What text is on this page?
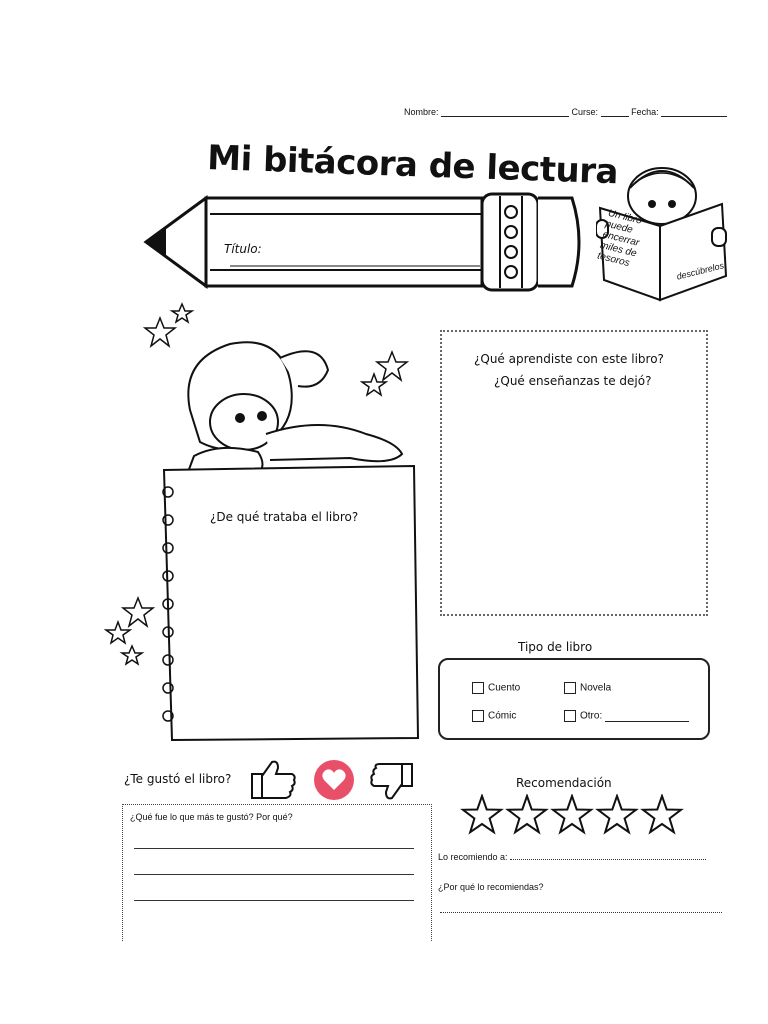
Nombre:	Curse:	Fecha:
Mi bitácora de lectura
Título:
Un libro puede encerrar miles de tesoros
descúbrelos
¿De qué trataba el libro?
¿Qué aprendiste con este libro?
¿Qué enseñanzas te dejó?
Tipo de libro
Cuento	Novela
Cómic	Otro:
¿Te gustó el libro?
¿Qué fue lo que más te gustó? Por qué?
Recomendación
Lo recomiendo a:
¿Por qué lo recomiendas?
